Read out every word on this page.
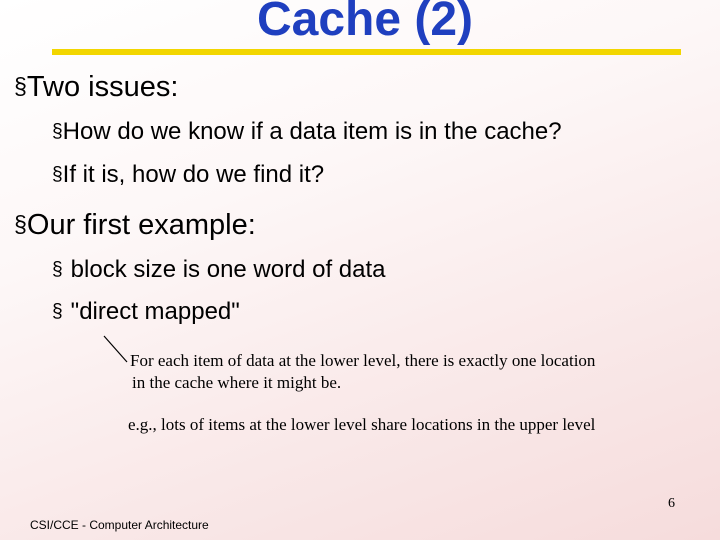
Cache (2)
§Two issues:
§How do we know if a data item is in the cache?
§If it is, how do we find it?
§Our first example:
§ block size is one word of data
§ "direct mapped"
For each item of data at the lower level, there is exactly one location
in the cache where it might be.
e.g., lots of items at the lower level share locations in the upper level
6
CSI/CCE - Computer Architecture
